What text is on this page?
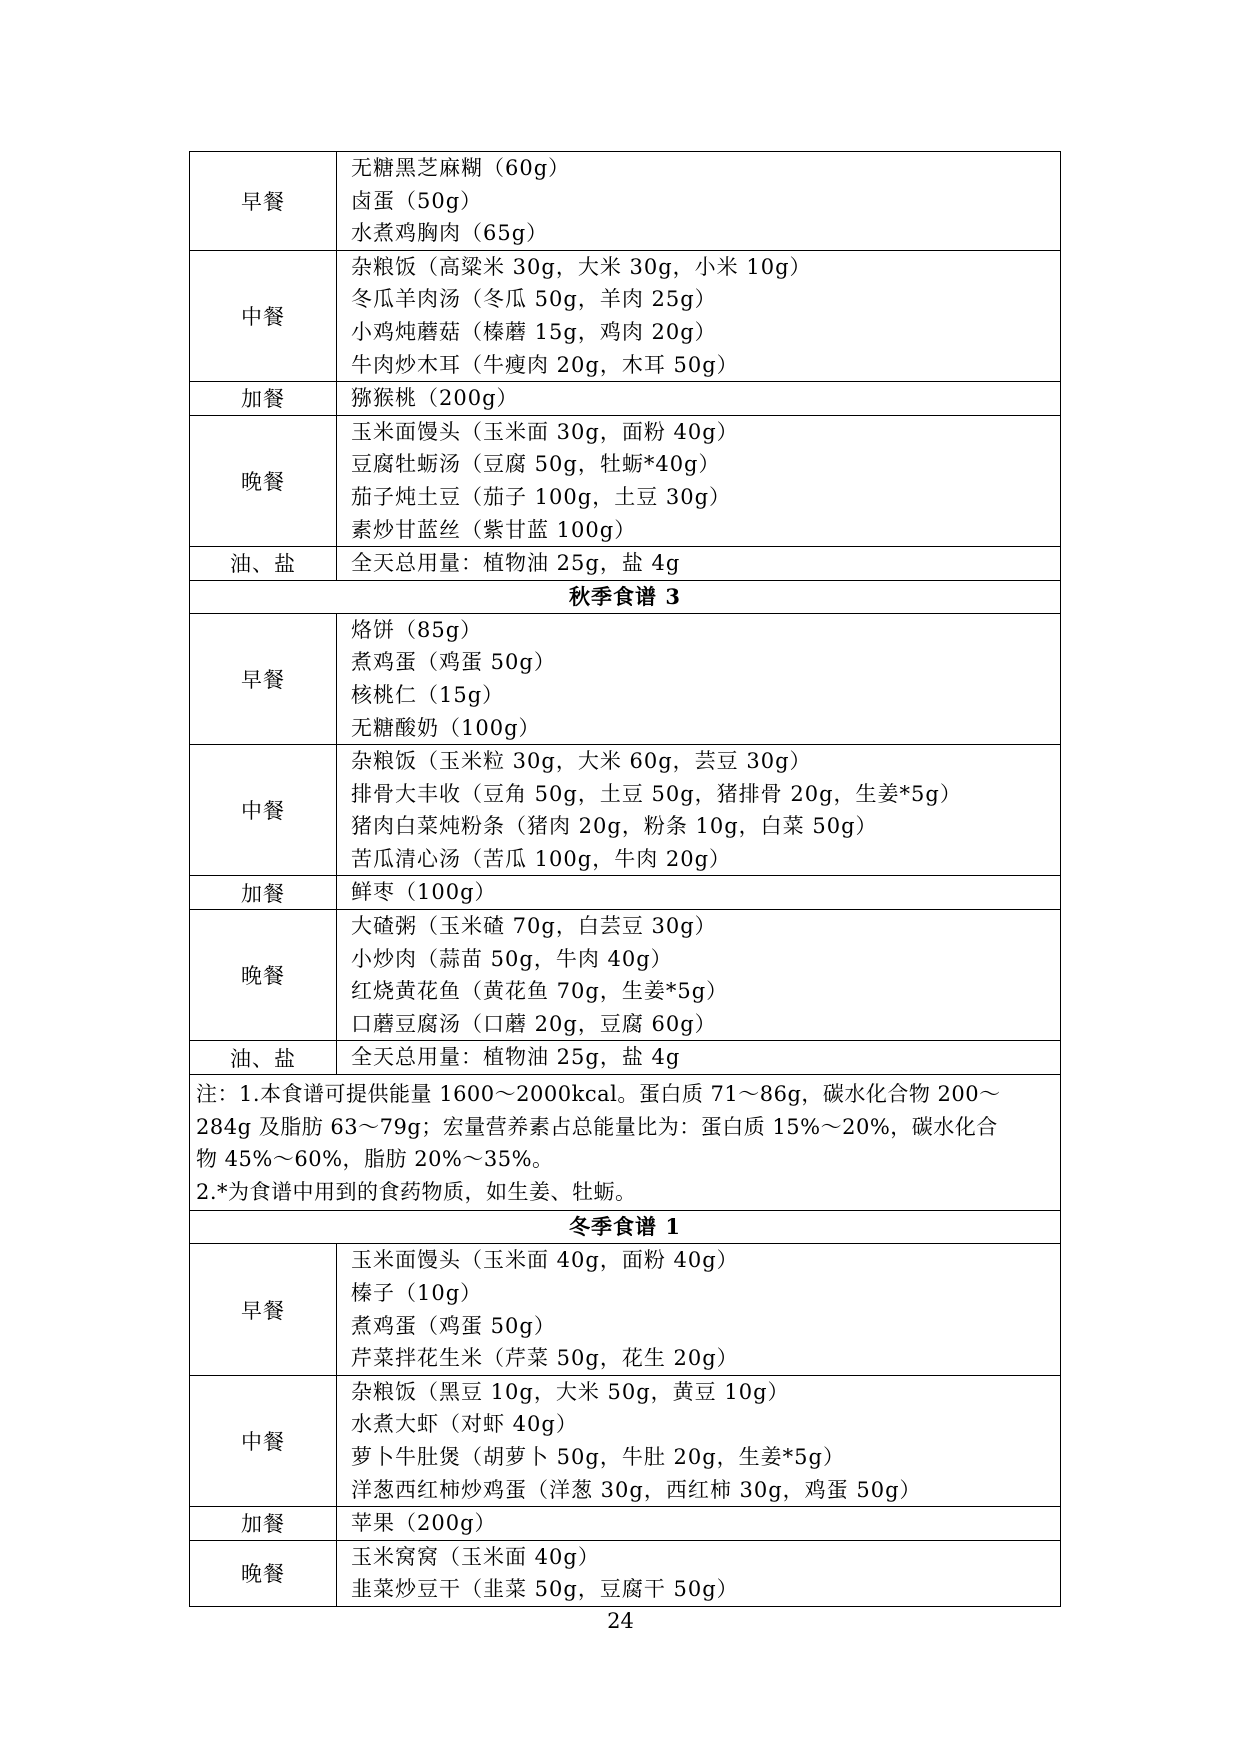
早餐	无糖黑芝麻糊（60g）
卤蛋（50g）
水煮鸡胸肉（65g）

中餐	杂粮饭（高粱米 30g，大米 30g，小米 10g）
冬瓜羊肉汤（冬瓜 50g，羊肉 25g）
小鸡炖蘑菇（榛蘑 15g，鸡肉 20g）
牛肉炒木耳（牛瘦肉 20g，木耳 50g）

加餐	猕猴桃（200g）

晚餐	玉米面馒头（玉米面 30g，面粉 40g）
豆腐牡蛎汤（豆腐 50g，牡蛎*40g）
茄子炖土豆（茄子 100g，土豆 30g）
素炒甘蓝丝（紫甘蓝 100g）

油、盐	全天总用量：植物油 25g，盐 4g

秋季食谱 3	
早餐	烙饼（85g）
煮鸡蛋（鸡蛋 50g）
核桃仁（15g）
无糖酸奶（100g）

中餐	杂粮饭（玉米粒 30g，大米 60g，芸豆 30g）
排骨大丰收（豆角 50g，土豆 50g，猪排骨 20g，生姜*5g）
猪肉白菜炖粉条（猪肉 20g，粉条 10g，白菜 50g）
苦瓜清心汤（苦瓜 100g，牛肉 20g）

加餐	鲜枣（100g）

晚餐	大碴粥（玉米碴 70g，白芸豆 30g）
小炒肉（蒜苗 50g，牛肉 40g）
红烧黄花鱼（黄花鱼 70g，生姜*5g）
口蘑豆腐汤（口蘑 20g，豆腐 60g）

油、盐	全天总用量：植物油 25g，盐 4g

注：1.本食谱可提供能量 1600～2000kcal。蛋白质 71～86g，碳水化合物 200～
284g 及脂肪 63～79g；宏量营养素占总能量比为：蛋白质 15%～20%，碳水化合
物 45%～60%，脂肪 20%～35%。
2.*为食谱中用到的食药物质，如生姜、牡蛎。	

冬季食谱 1	
早餐	玉米面馒头（玉米面 40g，面粉 40g）
榛子（10g）
煮鸡蛋（鸡蛋 50g）
芹菜拌花生米（芹菜 50g，花生 20g）

中餐	杂粮饭（黑豆 10g，大米 50g，黄豆 10g）
水煮大虾（对虾 40g）
萝卜牛肚煲（胡萝卜 50g，牛肚 20g，生姜*5g）
洋葱西红柿炒鸡蛋（洋葱 30g，西红柿 30g，鸡蛋 50g）

加餐	苹果（200g）

晚餐	玉米窝窝（玉米面 40g）
韭菜炒豆干（韭菜 50g，豆腐干 50g）
24
